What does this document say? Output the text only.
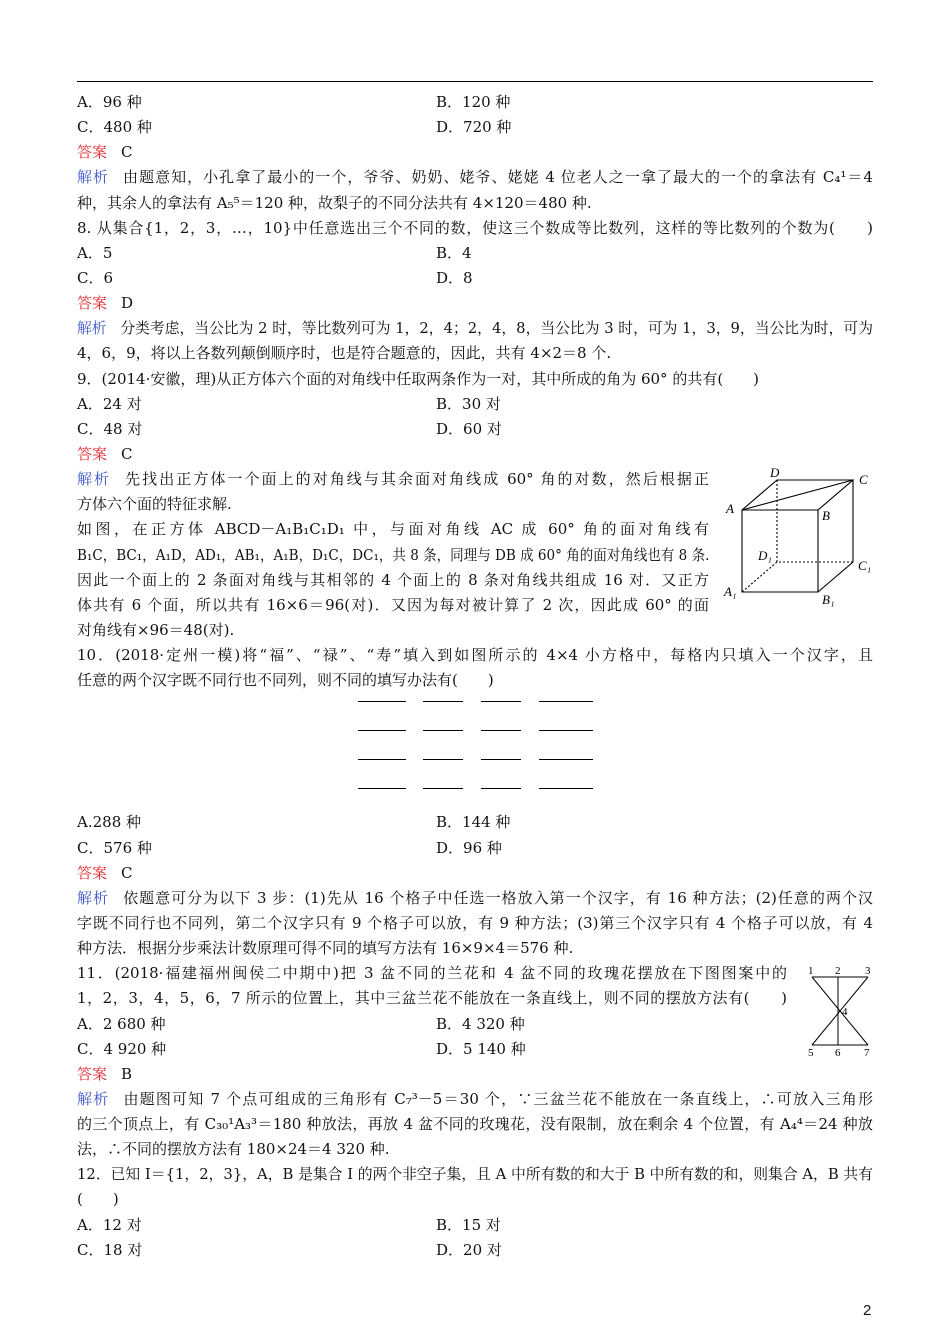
A．96 种	B．120 种
C．480 种	D．720 种
答案 C
解析 由题意知，小孔拿了最小的一个，爷爷、奶奶、姥爷、姥姥 4 位老人之一拿了最大的一个的拿法有 C₄¹＝4
种，其余人的拿法有 A₅⁵＝120 种，故梨子的不同分法共有 4×120＝480 种.
8. 从集合{1，2，3，…，10}中任意选出三个不同的数，使这三个数成等比数列，这样的等比数列的个数为(　　)
A．5	B．4
C．6	D．8
答案 D
解析 分类考虑，当公比为 2 时，等比数列可为 1，2，4；2，4，8，当公比为 3 时，可为 1，3，9，当公比为时，可为
4，6，9，将以上各数列颠倒顺序时，也是符合题意的，因此，共有 4×2＝8 个.
9．(2014·安徽，理)从正方体六个面的对角线中任取两条作为一对，其中所成的角为 60° 的共有(　　)
A．24 对	B．30 对
C．48 对	D．60 对
答案 C
解析 先找出正方体一个面上的对角线与其余面对角线成 60° 角的对数，然后根据正
方体六个面的特征求解.
如图，在正方体 ABCD－A₁B₁C₁D₁ 中，与面对角线 AC 成 60° 角的面对角线有
B₁C，BC₁，A₁D，AD₁，AB₁，A₁B，D₁C，DC₁，共 8 条，同理与 DB 成 60° 角的面对角线也有 8 条.
因此一个面上的 2 条面对角线与其相邻的 4 个面上的 8 条对角线共组成 16 对．又正方
体共有 6 个面，所以共有 16×6＝96(对)．又因为每对被计算了 2 次，因此成 60° 的面
对角线有×96＝48(对).
10．(2018·定州一模)将“福”、“禄”、“寿”填入到如图所示的 4×4 小方格中，每格内只填入一个汉字，且
任意的两个汉字既不同行也不同列，则不同的填写办法有(　　)
A.288 种	B．144 种
C．576 种	D．96 种
答案 C
解析 依题意可分为以下 3 步：(1)先从 16 个格子中任选一格放入第一个汉字，有 16 种方法；(2)任意的两个汉
字既不同行也不同列，第二个汉字只有 9 个格子可以放，有 9 种方法；(3)第三个汉字只有 4 个格子可以放，有 4
种方法．根据分步乘法计数原理可得不同的填写方法有 16×9×4＝576 种.
11．(2018·福建福州闽侯二中期中)把 3 盆不同的兰花和 4 盆不同的玫瑰花摆放在下图图案中的
1，2，3，4，5，6，7 所示的位置上，其中三盆兰花不能放在一条直线上，则不同的摆放方法有(　　)
A．2 680 种	B．4 320 种
C．4 920 种	D．5 140 种
答案 B
解析 由题图可知 7 个点可组成的三角形有 C₇³－5＝30 个，∵三盆兰花不能放在一条直线上，∴可放入三角形
的三个顶点上，有 C₃₀¹A₃³＝180 种放法，再放 4 盆不同的玫瑰花，没有限制，放在剩余 4 个位置，有 A₄⁴＝24 种放
法，∴不同的摆放方法有 180×24＝4 320 种.
12．已知 I＝{1，2，3}，A，B 是集合 I 的两个非空子集，且 A 中所有数的和大于 B 中所有数的和，则集合 A，B 共有
(　　)
A．12 对	B．15 对
C．18 对	D．20 对
D	C
A	B
D₁
C₁
A₁
B₁
1 2 3
4
5 6 7
2
